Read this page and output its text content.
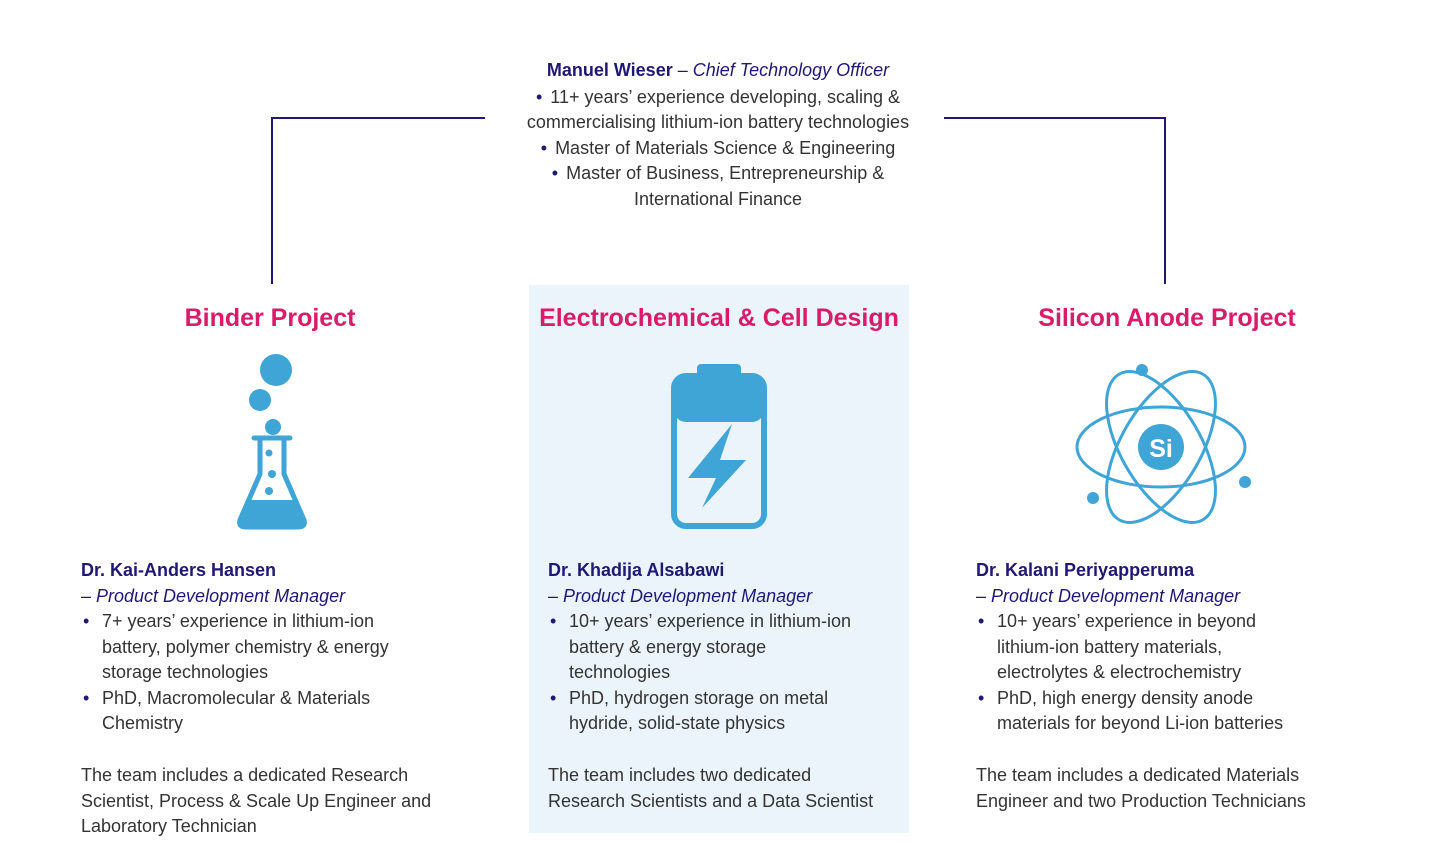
Manuel Wieser – Chief Technology Officer
• 11+ years’ experience developing, scaling &
commercialising lithium-ion battery technologies
• Master of Materials Science & Engineering
• Master of Business, Entrepreneurship &
International Finance
Binder Project	Electrochemical & Cell Design	Silicon Anode Project
Si
Dr. Kai-Anders Hansen
– Product Development Manager
• 7+ years’ experience in lithium-ion battery, polymer chemistry & energy storage technologies
• PhD, Macromolecular & Materials Chemistry
The team includes a dedicated Research Scientist, Process & Scale Up Engineer and Laboratory Technician
Dr. Khadija Alsabawi
– Product Development Manager
• 10+ years’ experience in lithium-ion battery & energy storage technologies
• PhD, hydrogen storage on metal hydride, solid-state physics
The team includes two dedicated Research Scientists and a Data Scientist
Dr. Kalani Periyapperuma
– Product Development Manager
• 10+ years’ experience in beyond lithium-ion battery materials, electrolytes & electrochemistry
• PhD, high energy density anode materials for beyond Li-ion batteries
The team includes a dedicated Materials Engineer and two Production Technicians
